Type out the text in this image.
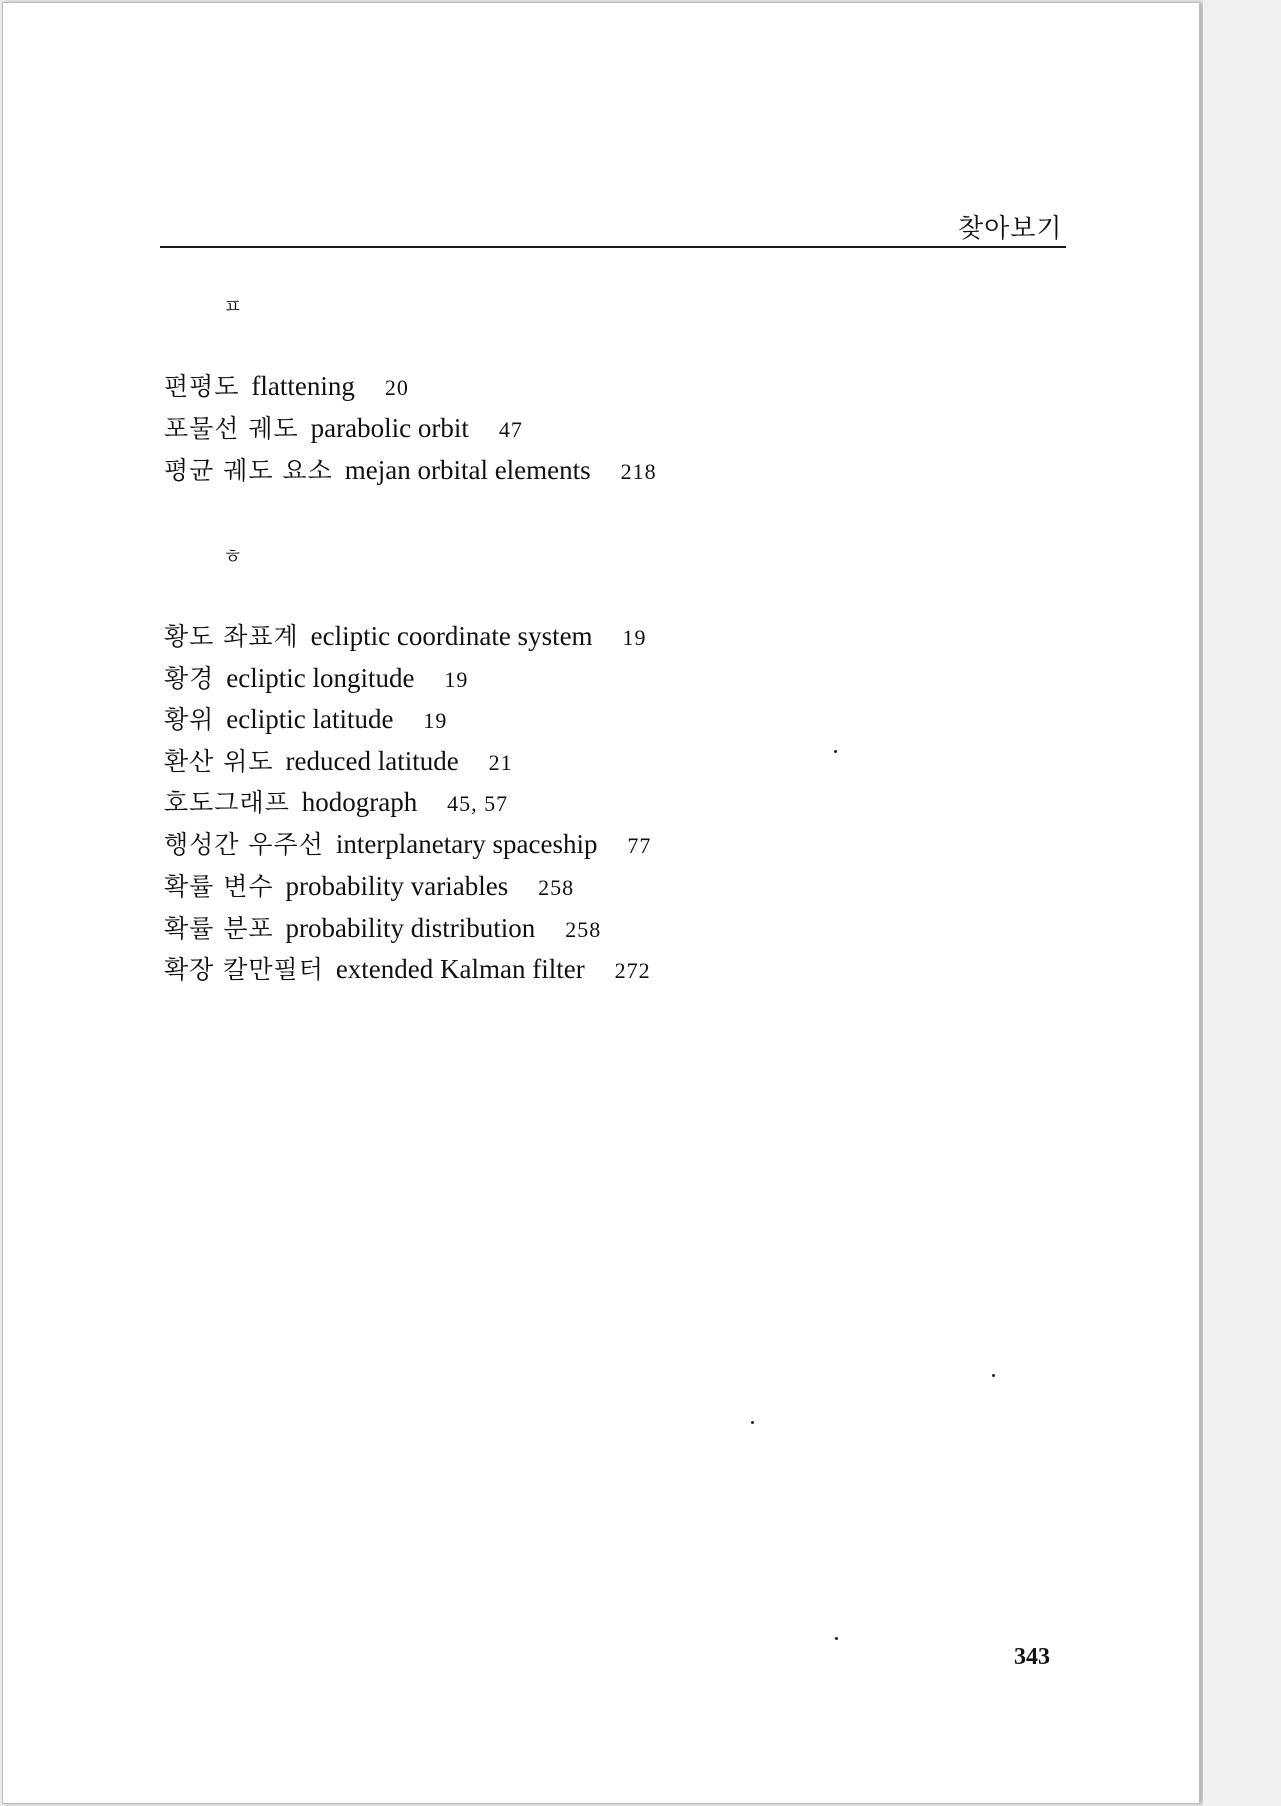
찾아보기
ㅍ
편평도 flattening 20
포물선 궤도 parabolic orbit 47
평균 궤도 요소 mejan orbital elements 218
ㅎ
황도 좌표계 ecliptic coordinate system 19
황경 ecliptic longitude 19
황위 ecliptic latitude 19
환산 위도 reduced latitude 21
호도그래프 hodograph 45, 57
행성간 우주선 interplanetary spaceship 77
확률 변수 probability variables 258
확률 분포 probability distribution 258
확장 칼만필터 extended Kalman filter 272
343
